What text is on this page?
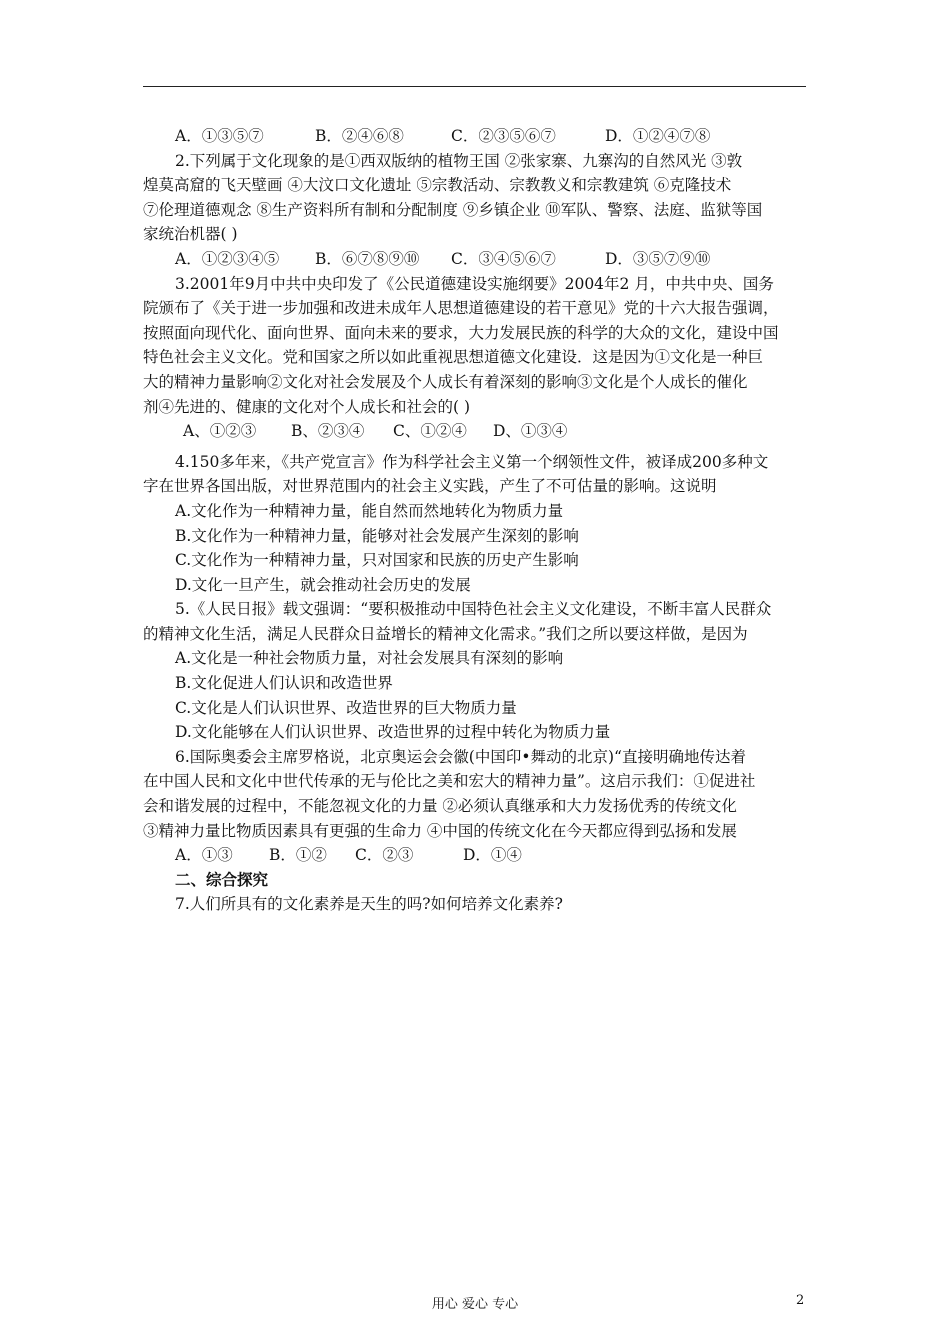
A．①③⑤⑦	B．②④⑥⑧	C．②③⑤⑥⑦	D．①②④⑦⑧
2.下列属于文化现象的是①西双版纳的植物王国 ②张家寨、九寨沟的自然风光 ③敦
煌莫高窟的飞天壁画 ④大汶口文化遗址 ⑤宗教活动、宗教教义和宗教建筑 ⑥克隆技术
⑦伦理道德观念 ⑧生产资料所有制和分配制度 ⑨乡镇企业 ⑩军队、警察、法庭、监狱等国
家统治机器( )
A．①②③④⑤ B．⑥⑦⑧⑨⑩ C．③④⑤⑥⑦	D．③⑤⑦⑨⑩
3.2001年9月中共中央印发了《公民道德建设实施纲要》2004年2 月，中共中央、国务
院颁布了《关于进一步加强和改进未成年人思想道德建设的若干意见》党的十六大报告强调，
按照面向现代化、面向世界、面向未来的要求，大力发展民族的科学的大众的文化，建设中国
特色社会主义文化。党和国家之所以如此重视思想道德文化建设．这是因为①文化是一种巨
大的精神力量影响②文化对社会发展及个人成长有着深刻的影响③文化是个人成长的催化
剂④先进的、健康的文化对个人成长和社会的( )
A、①②③ B、②③④ C、①②④ D、①③④
4.150多年来，《共产党宣言》作为科学社会主义第一个纲领性文件，被译成200多种文
字在世界各国出版，对世界范围内的社会主义实践，产生了不可估量的影响。这说明
A.文化作为一种精神力量，能自然而然地转化为物质力量
B.文化作为一种精神力量，能够对社会发展产生深刻的影响
C.文化作为一种精神力量，只对国家和民族的历史产生影响
D.文化一旦产生，就会推动社会历史的发展
5.《人民日报》载文强调：“要积极推动中国特色社会主义文化建设，不断丰富人民群众
的精神文化生活，满足人民群众日益增长的精神文化需求。”我们之所以要这样做，是因为
A.文化是一种社会物质力量，对社会发展具有深刻的影响
B.文化促进人们认识和改造世界
C.文化是人们认识世界、改造世界的巨大物质力量
D.文化能够在人们认识世界、改造世界的过程中转化为物质力量
6.国际奥委会主席罗格说，北京奥运会会徽(中国印•舞动的北京)“直接明确地传达着
在中国人民和文化中世代传承的无与伦比之美和宏大的精神力量”。这启示我们：①促进社
会和谐发展的过程中，不能忽视文化的力量 ②必须认真继承和大力发扬优秀的传统文化
③精神力量比物质因素具有更强的生命力 ④中国的传统文化在今天都应得到弘扬和发展
A．①③ B．①② C．②③	D．①④
二、综合探究
7.人们所具有的文化素养是天生的吗?如何培养文化素养?
用心 爱心 专心	2
